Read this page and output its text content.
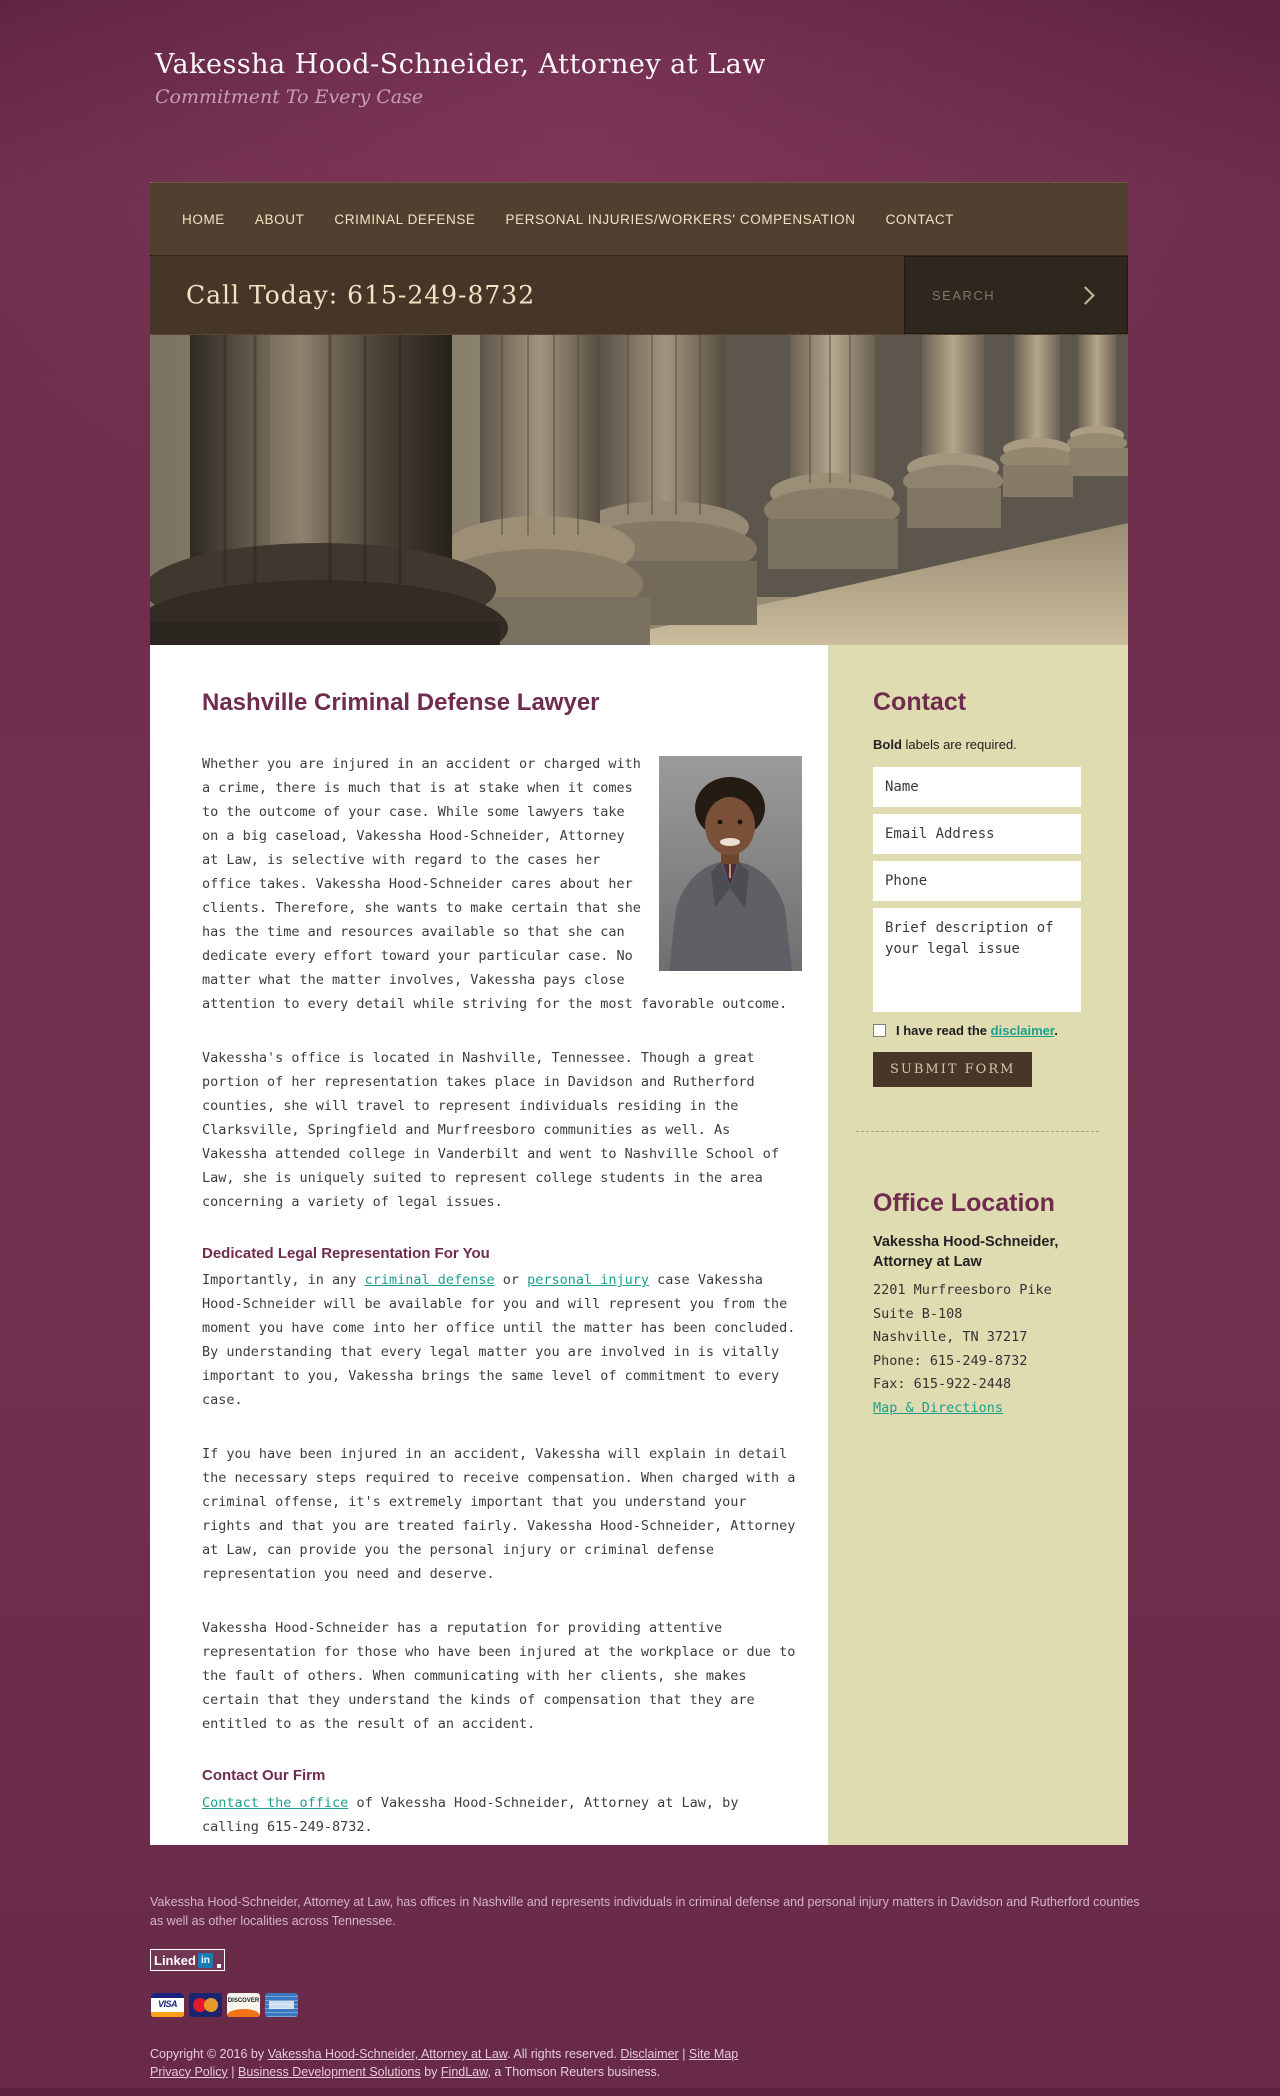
Vakessha Hood-Schneider, Attorney at Law
Commitment To Every Case
HOME ABOUT CRIMINAL DEFENSE PERSONAL INJURIES/WORKERS' COMPENSATION CONTACT
Call Today: 615-249-8732
SEARCH
Nashville Criminal Defense Lawyer

Whether you are injured in an accident or charged with a crime, there is much that is at stake when it comes to the outcome of your case. While some lawyers take on a big caseload, Vakessha Hood-Schneider, Attorney at Law, is selective with regard to the cases her office takes. Vakessha Hood-Schneider cares about her clients. Therefore, she wants to make certain that she has the time and resources available so that she can dedicate every effort toward your particular case. No matter what the matter involves, Vakessha pays close attention to every detail while striving for the most favorable outcome.

Vakessha's office is located in Nashville, Tennessee. Though a great portion of her representation takes place in Davidson and Rutherford counties, she will travel to represent individuals residing in the Clarksville, Springfield and Murfreesboro communities as well. As Vakessha attended college in Vanderbilt and went to Nashville School of Law, she is uniquely suited to represent college students in the area concerning a variety of legal issues.

Dedicated Legal Representation For You

Importantly, in any criminal defense or personal injury case Vakessha Hood-Schneider will be available for you and will represent you from the moment you have come into her office until the matter has been concluded. By understanding that every legal matter you are involved in is vitally important to you, Vakessha brings the same level of commitment to every case.

If you have been injured in an accident, Vakessha will explain in detail the necessary steps required to receive compensation. When charged with a criminal offense, it's extremely important that you understand your rights and that you are treated fairly. Vakessha Hood-Schneider, Attorney at Law, can provide you the personal injury or criminal defense representation you need and deserve.

Vakessha Hood-Schneider has a reputation for providing attentive representation for those who have been injured at the workplace or due to the fault of others. When communicating with her clients, she makes certain that they understand the kinds of compensation that they are entitled to as the result of an accident.

Contact Our Firm

Contact the office of Vakessha Hood-Schneider, Attorney at Law, by calling 615-249-8732.

Contact
Bold labels are required.
Name
Email Address
Phone
Brief description of your legal issue
I have read the disclaimer.
SUBMIT FORM
Office Location
Vakessha Hood-Schneider,
Attorney at Law
2201 Murfreesboro Pike
Suite B-108
Nashville, TN 37217
Phone: 615-249-8732
Fax: 615-922-2448
Map & Directions

Vakessha Hood-Schneider, Attorney at Law, has offices in Nashville and represents individuals in criminal defense and personal injury matters in Davidson and Rutherford counties as well as other localities across Tennessee.

Linked in
VISA	DISCOVER

Copyright © 2016 by Vakessha Hood-Schneider, Attorney at Law. All rights reserved. Disclaimer | Site Map
Privacy Policy | Business Development Solutions by FindLaw, a Thomson Reuters business.
